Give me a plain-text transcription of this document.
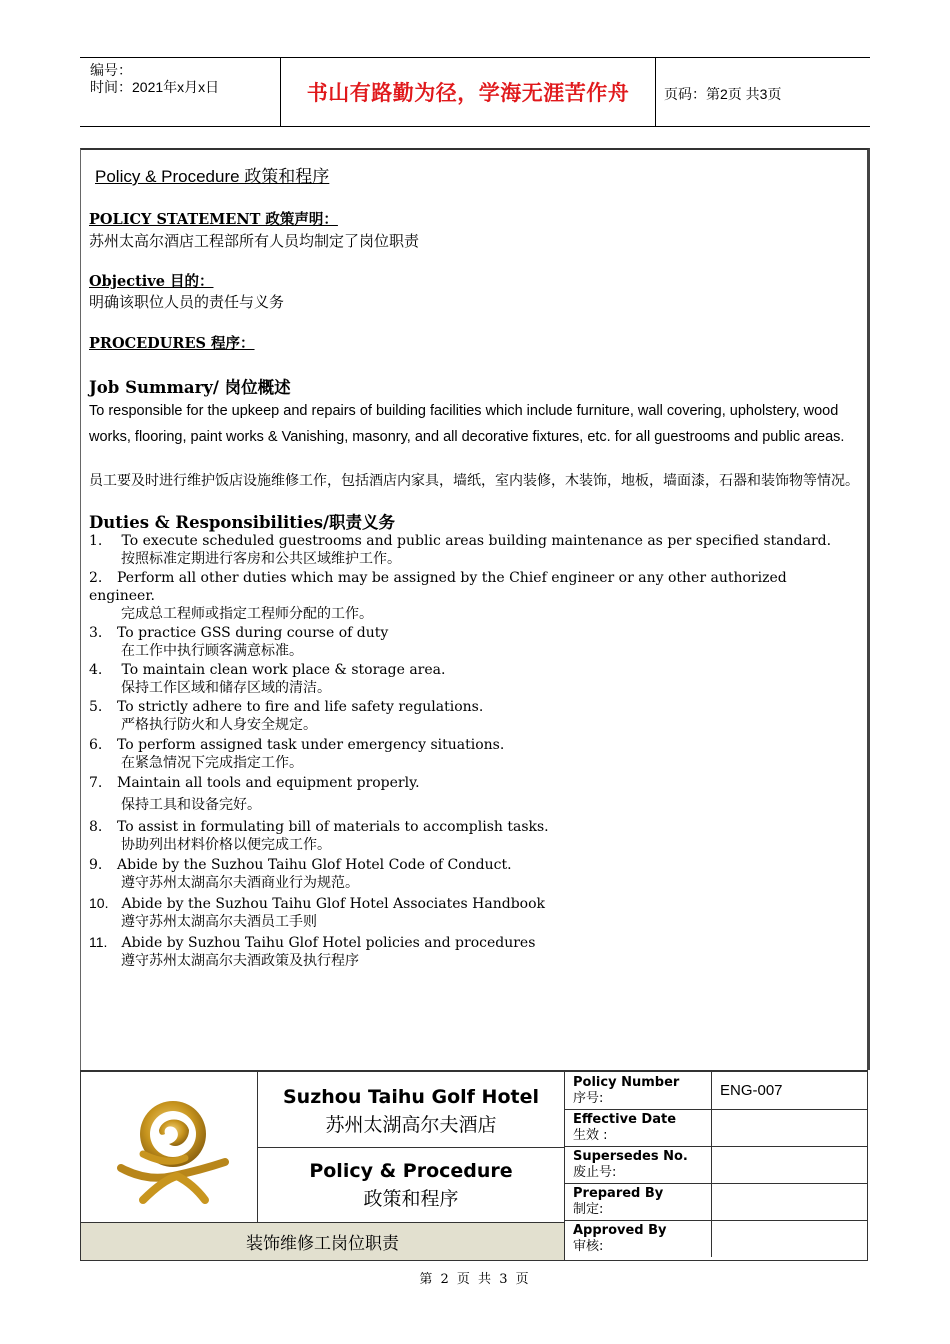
编号：
时间：2021年x月x日	书山有路勤为径，学海无涯苦作舟	页码：第2页 共3页
Policy & Procedure 政策和程序
POLICY STATEMENT 政策声明：
苏州太高尔酒店工程部所有人员均制定了岗位职责
Objective 目的：
明确该职位人员的责任与义务
PROCEDURES 程序：
Job Summary/ 岗位概述
To responsible for the upkeep and repairs of building facilities which include furniture, wall covering, upholstery, wood works, flooring, paint works & Vanishing, masonry, and all decorative fixtures, etc. for all guestrooms and public areas.
员工要及时进行维护饭店设施维修工作，包括酒店内家具，墙纸，室内装修，木装饰，地板，墙面漆，石器和装饰物等情况。
Duties & Responsibilities/职责义务
1. To execute scheduled guestrooms and public areas building maintenance as per specified standard.
按照标准定期进行客房和公共区域维护工作。
2. Perform all other duties which may be assigned by the Chief engineer or any other authorized engineer.
完成总工程师或指定工程师分配的工作。
3. To practice GSS during course of duty
在工作中执行顾客满意标准。
4. To maintain clean work place & storage area.
保持工作区域和储存区域的清洁。
5. To strictly adhere to fire and life safety regulations.
严格执行防火和人身安全规定。
6. To perform assigned task under emergency situations.
在紧急情况下完成指定工作。
7. Maintain all tools and equipment properly.
保持工具和设备完好。
8. To assist in formulating bill of materials to accomplish tasks.
协助列出材料价格以便完成工作。
9. Abide by the Suzhou Taihu Glof Hotel Code of Conduct.
遵守苏州太湖高尔夫酒商业行为规范。
10. Abide by the Suzhou Taihu Glof Hotel Associates Handbook
遵守苏州太湖高尔夫酒员工手则
11. Abide by Suzhou Taihu Glof Hotel policies and procedures
遵守苏州太湖高尔夫酒政策及执行程序
Suzhou Taihu Golf Hotel
苏州太湖高尔夫酒店
Policy & Procedure
政策和程序
装饰维修工岗位职责
Policy Number
序号:	ENG-007
Effective Date
生效 :
Supersedes No.
废止号:
Prepared By
制定:
Approved By
审核:
第 2 页 共 3 页
